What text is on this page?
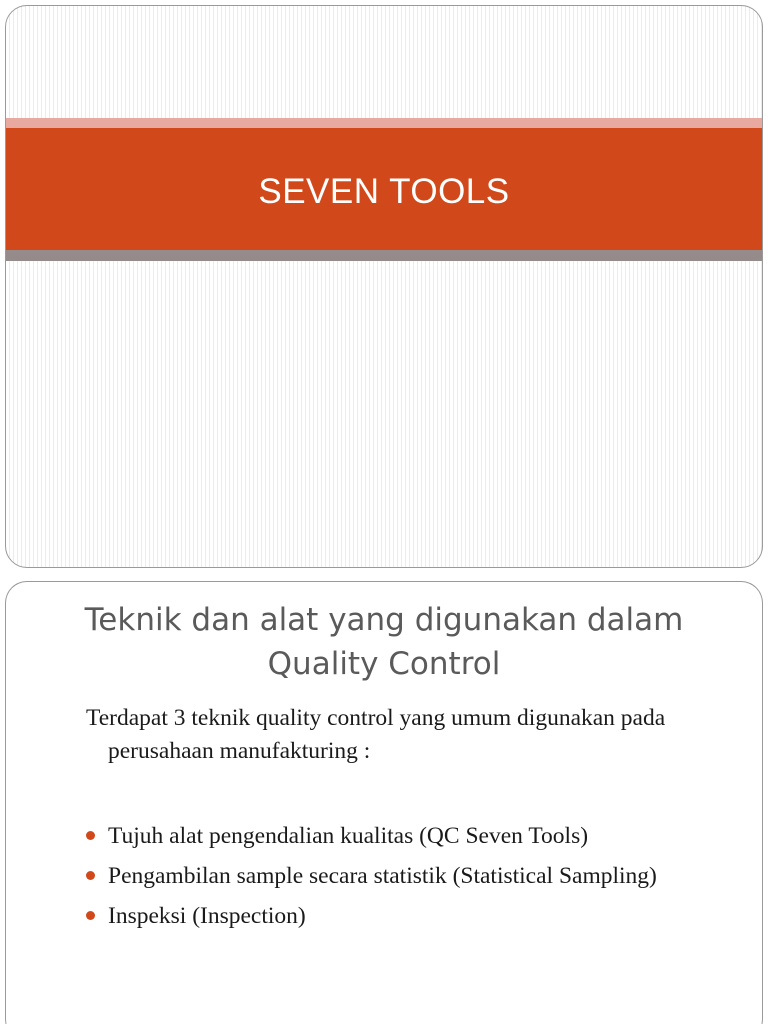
SEVEN TOOLS
Teknik dan alat yang digunakan dalam
Quality Control

Terdapat 3 teknik quality control yang umum digunakan pada perusahaan manufakturing :

Tujuh alat pengendalian kualitas (QC Seven Tools)
Pengambilan sample secara statistik (Statistical Sampling)
Inspeksi (Inspection)
